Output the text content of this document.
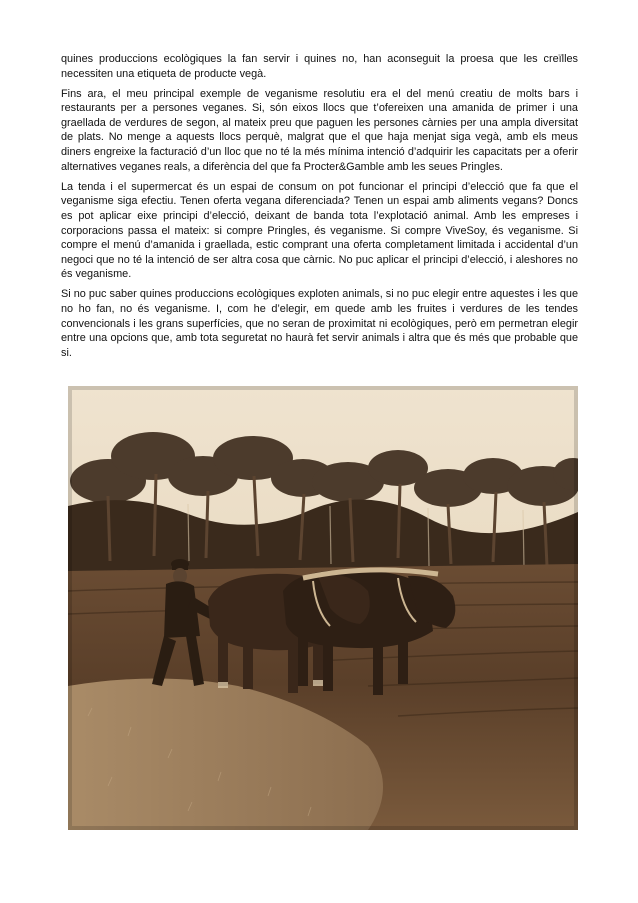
quines produccions ecològiques la fan servir i quines no, han aconseguit la proesa que les creïlles necessiten una etiqueta de producte vegà.

Fins ara, el meu principal exemple de veganisme resolutiu era el del menú creatiu de molts bars i restaurants per a persones veganes. Si, són eixos llocs que t’ofereixen una amanida de primer i una graellada de verdures de segon, al mateix preu que paguen les persones càrnies per una ampla diversitat de plats. No menge a aquests llocs perquè, malgrat que el que haja menjat siga vegà, amb els meus diners engreixe la facturació d’un lloc que no té la més mínima intenció d’adquirir les capacitats per a oferir alternatives veganes reals, a diferència del que fa Procter&Gamble amb les seues Pringles.

La tenda i el supermercat és un espai de consum on pot funcionar el principi d’elecció que fa que el veganisme siga efectiu. Tenen oferta vegana diferenciada? Tenen un espai amb aliments vegans? Doncs es pot aplicar eixe principi d’elecció, deixant de banda tota l’explotació animal. Amb les empreses i corporacions passa el mateix: si compre Pringles, és veganisme. Si compre ViveSoy, és veganisme. Si compre el menú d’amanida i graellada, estic comprant una oferta completament limitada i accidental d’un negoci que no té la intenció de ser altra cosa que càrnic. No puc aplicar el principi d’elecció, i aleshores no és veganisme.

Si no puc saber quines produccions ecològiques exploten animals, si no puc elegir entre aquestes i les que no ho fan, no és veganisme. I, com he d’elegir, em quede amb les fruites i verdures de les tendes convencionals i les grans superfícies, que no seran de proximitat ni ecològiques, però em permetran elegir entre una opcions que, amb tota seguretat no haurà fet servir animals i altra que és més que probable que si.
